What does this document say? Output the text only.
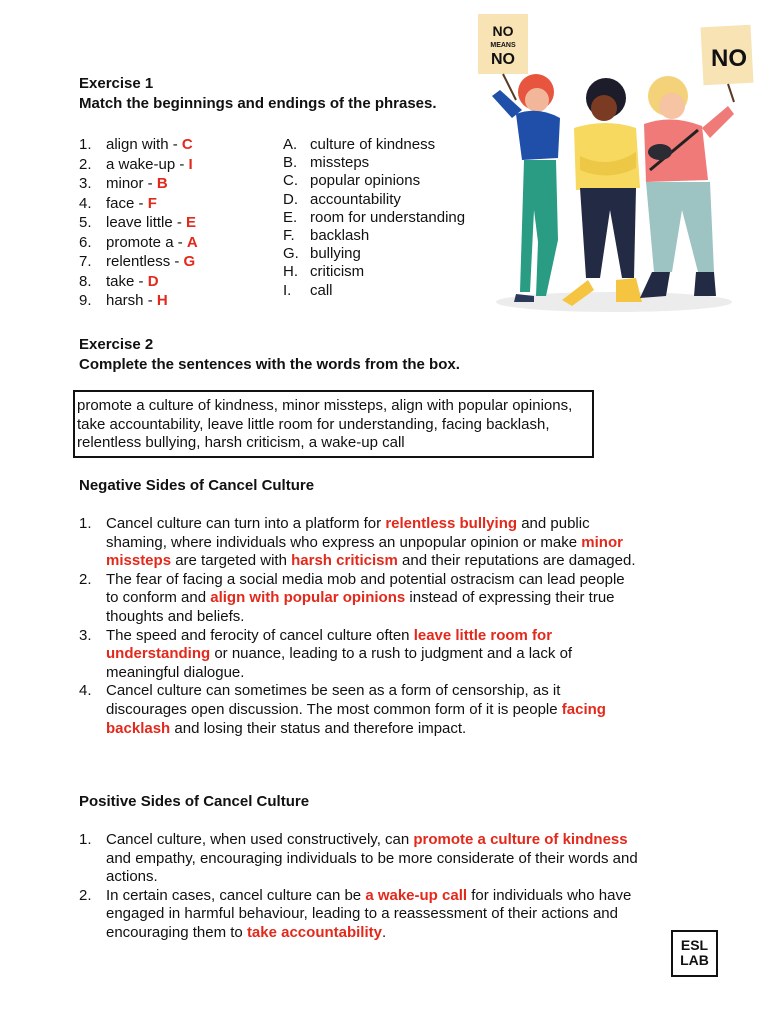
Exercise 1
Match the beginnings and endings of the phrases.
1. align with - C
2. a wake-up - I
3. minor - B
4. face - F
5. leave little - E
6. promote a - A
7. relentless - G
8. take - D
9. harsh - H
A. culture of kindness
B. missteps
C. popular opinions
D. accountability
E. room for understanding
F.	backlash
G. bullying
H. criticism
I.	call
NO
MEANS
NO	NO
Exercise 2
Complete the sentences with the words from the box.
promote a culture of kindness, minor missteps, align with popular opinions, take accountability, leave little room for understanding, facing backlash, relentless bullying, harsh criticism, a wake-up call
Negative Sides of Cancel Culture
1. Cancel culture can turn into a platform for relentless bullying and public shaming, where individuals who express an unpopular opinion or make minor missteps are targeted with harsh criticism and their reputations are damaged.
2. The fear of facing a social media mob and potential ostracism can lead people to conform and align with popular opinions instead of expressing their true thoughts and beliefs.
3. The speed and ferocity of cancel culture often leave little room for understanding or nuance, leading to a rush to judgment and a lack of meaningful dialogue.
4. Cancel culture can sometimes be seen as a form of censorship, as it discourages open discussion. The most common form of it is people facing backlash and losing their status and therefore impact.
Positive Sides of Cancel Culture
1. Cancel culture, when used constructively, can promote a culture of kindness and empathy, encouraging individuals to be more considerate of their words and actions.
2. In certain cases, cancel culture can be a wake-up call for individuals who have engaged in harmful behaviour, leading to a reassessment of their actions and encouraging them to take accountability.
ESL
LAB
